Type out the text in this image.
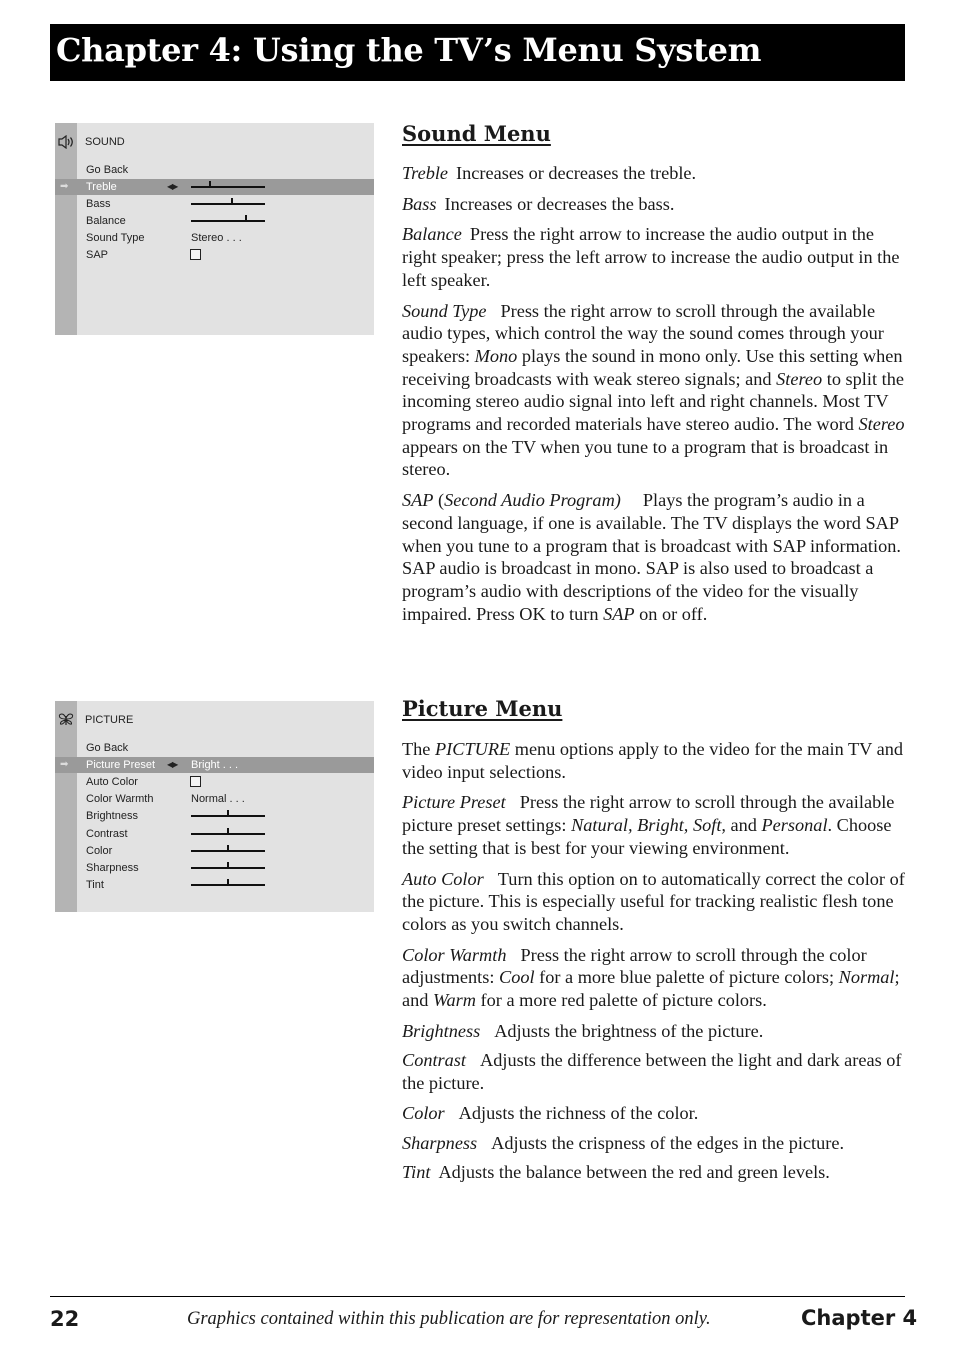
Chapter 4: Using the TV’s Menu System
SOUND
Go Back
➡	Treble	◀▶
Bass
Balance
Sound Type	Stereo . . .
SAP
PICTURE
Go Back
➡	Picture Preset ◀▶ Bright . . .
Auto Color
Color Warmth	Normal . . .
Brightness
Contrast
Color
Sharpness
Tint
Sound Menu

Treble Increases or decreases the treble.

Bass Increases or decreases the bass.

Balance Press the right arrow to increase the audio output in the right speaker; press the left arrow to increase the audio output in the left speaker.

Sound Type Press the right arrow to scroll through the available audio types, which control the way the sound comes through your speakers: Mono plays the sound in mono only. Use this setting when receiving broadcasts with weak stereo signals; and Stereo to split the incoming stereo audio signal into left and right channels. Most TV programs and recorded materials have stereo audio. The word Stereo appears on the TV when you tune to a program that is broadcast in stereo.

SAP (Second Audio Program) Plays the program’s audio in a second language, if one is available. The TV displays the word SAP when you tune to a program that is broadcast with SAP information. SAP audio is broadcast in mono. SAP is also used to broadcast a program’s audio with descriptions of the video for the visually impaired. Press OK to turn SAP on or off.

Picture Menu

The PICTURE menu options apply to the video for the main TV and video input selections.

Picture Preset Press the right arrow to scroll through the available picture preset settings: Natural, Bright, Soft, and Personal. Choose the setting that is best for your viewing environment.

Auto Color Turn this option on to automatically correct the color of the picture. This is especially useful for tracking realistic flesh tone colors as you switch channels.

Color Warmth Press the right arrow to scroll through the color adjustments: Cool for a more blue palette of picture colors; Normal; and Warm for a more red palette of picture colors.

Brightness Adjusts the brightness of the picture.

Contrast Adjusts the difference between the light and dark areas of the picture.

Color Adjusts the richness of the color.

Sharpness Adjusts the crispness of the edges in the picture.

Tint Adjusts the balance between the red and green levels.

22	Graphics contained within this publication are for representation only.	Chapter 4
